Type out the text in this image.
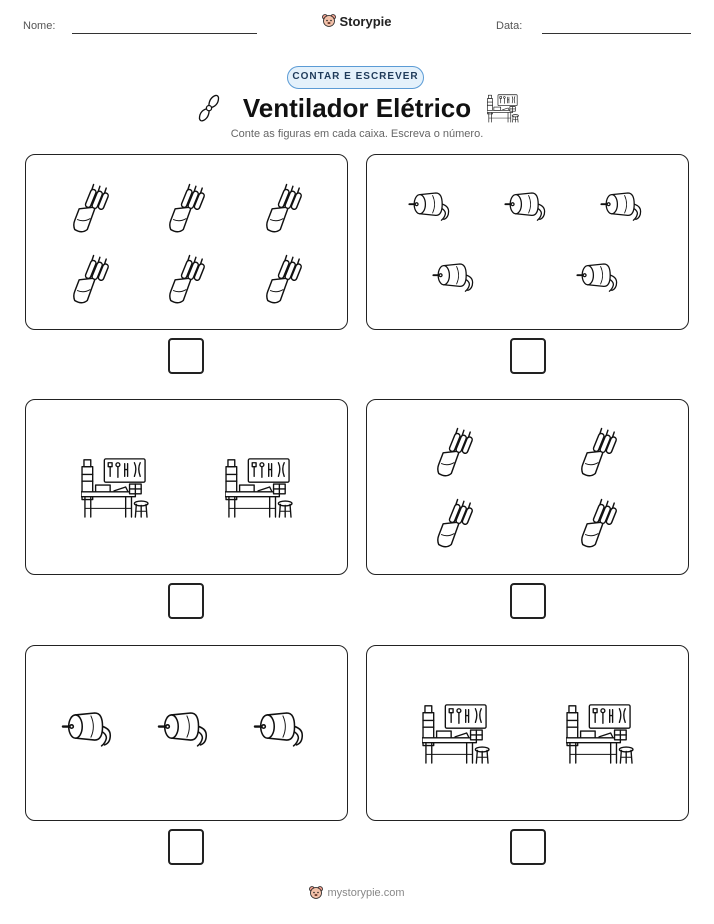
Nome:	Storypie	Data:
CONTAR E ESCREVER
Ventilador Elétrico
Conte as figuras em cada caixa. Escreva o número.
mystorypie.com
